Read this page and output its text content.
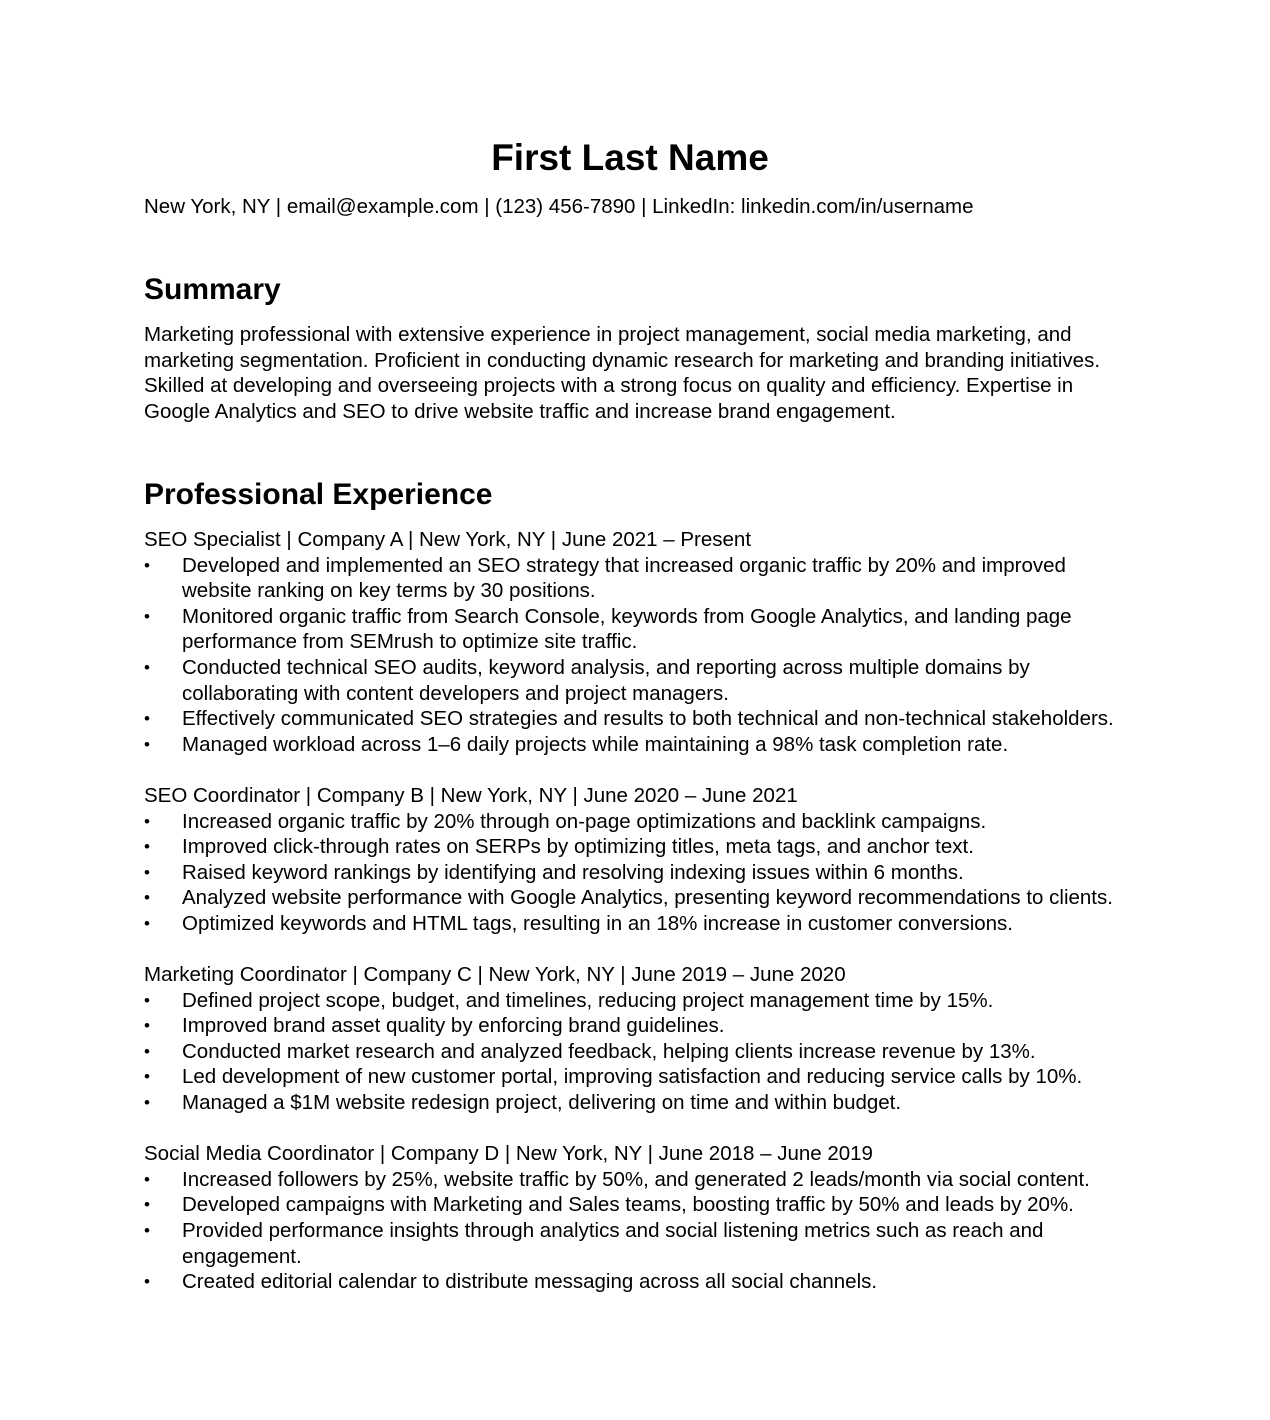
First Last Name

New York, NY | email@example.com | (123) 456-7890 | LinkedIn: linkedin.com/in/username

Summary

Marketing professional with extensive experience in project management, social media marketing, and marketing segmentation. Proficient in conducting dynamic research for marketing and branding initiatives. Skilled at developing and overseeing projects with a strong focus on quality and efficiency. Expertise in Google Analytics and SEO to drive website traffic and increase brand engagement.

Professional Experience

SEO Specialist | Company A | New York, NY | June 2021 – Present

•	Developed and implemented an SEO strategy that increased organic traffic by 20% and improved website ranking on key terms by 30 positions.
•	Monitored organic traffic from Search Console, keywords from Google Analytics, and landing page performance from SEMrush to optimize site traffic.
•	Conducted technical SEO audits, keyword analysis, and reporting across multiple domains by collaborating with content developers and project managers.
•	Effectively communicated SEO strategies and results to both technical and non-technical stakeholders.
•	Managed workload across 1–6 daily projects while maintaining a 98% task completion rate.

SEO Coordinator | Company B | New York, NY | June 2020 – June 2021

•	Increased organic traffic by 20% through on-page optimizations and backlink campaigns.
•	Improved click-through rates on SERPs by optimizing titles, meta tags, and anchor text.
•	Raised keyword rankings by identifying and resolving indexing issues within 6 months.
•	Analyzed website performance with Google Analytics, presenting keyword recommendations to clients.
•	Optimized keywords and HTML tags, resulting in an 18% increase in customer conversions.

Marketing Coordinator | Company C | New York, NY | June 2019 – June 2020

•	Defined project scope, budget, and timelines, reducing project management time by 15%.
•	Improved brand asset quality by enforcing brand guidelines.
•	Conducted market research and analyzed feedback, helping clients increase revenue by 13%.
•	Led development of new customer portal, improving satisfaction and reducing service calls by 10%.
•	Managed a $1M website redesign project, delivering on time and within budget.

Social Media Coordinator | Company D | New York, NY | June 2018 – June 2019

•	Increased followers by 25%, website traffic by 50%, and generated 2 leads/month via social content.
•	Developed campaigns with Marketing and Sales teams, boosting traffic by 50% and leads by 20%.
•	Provided performance insights through analytics and social listening metrics such as reach and engagement.
•	Created editorial calendar to distribute messaging across all social channels.
